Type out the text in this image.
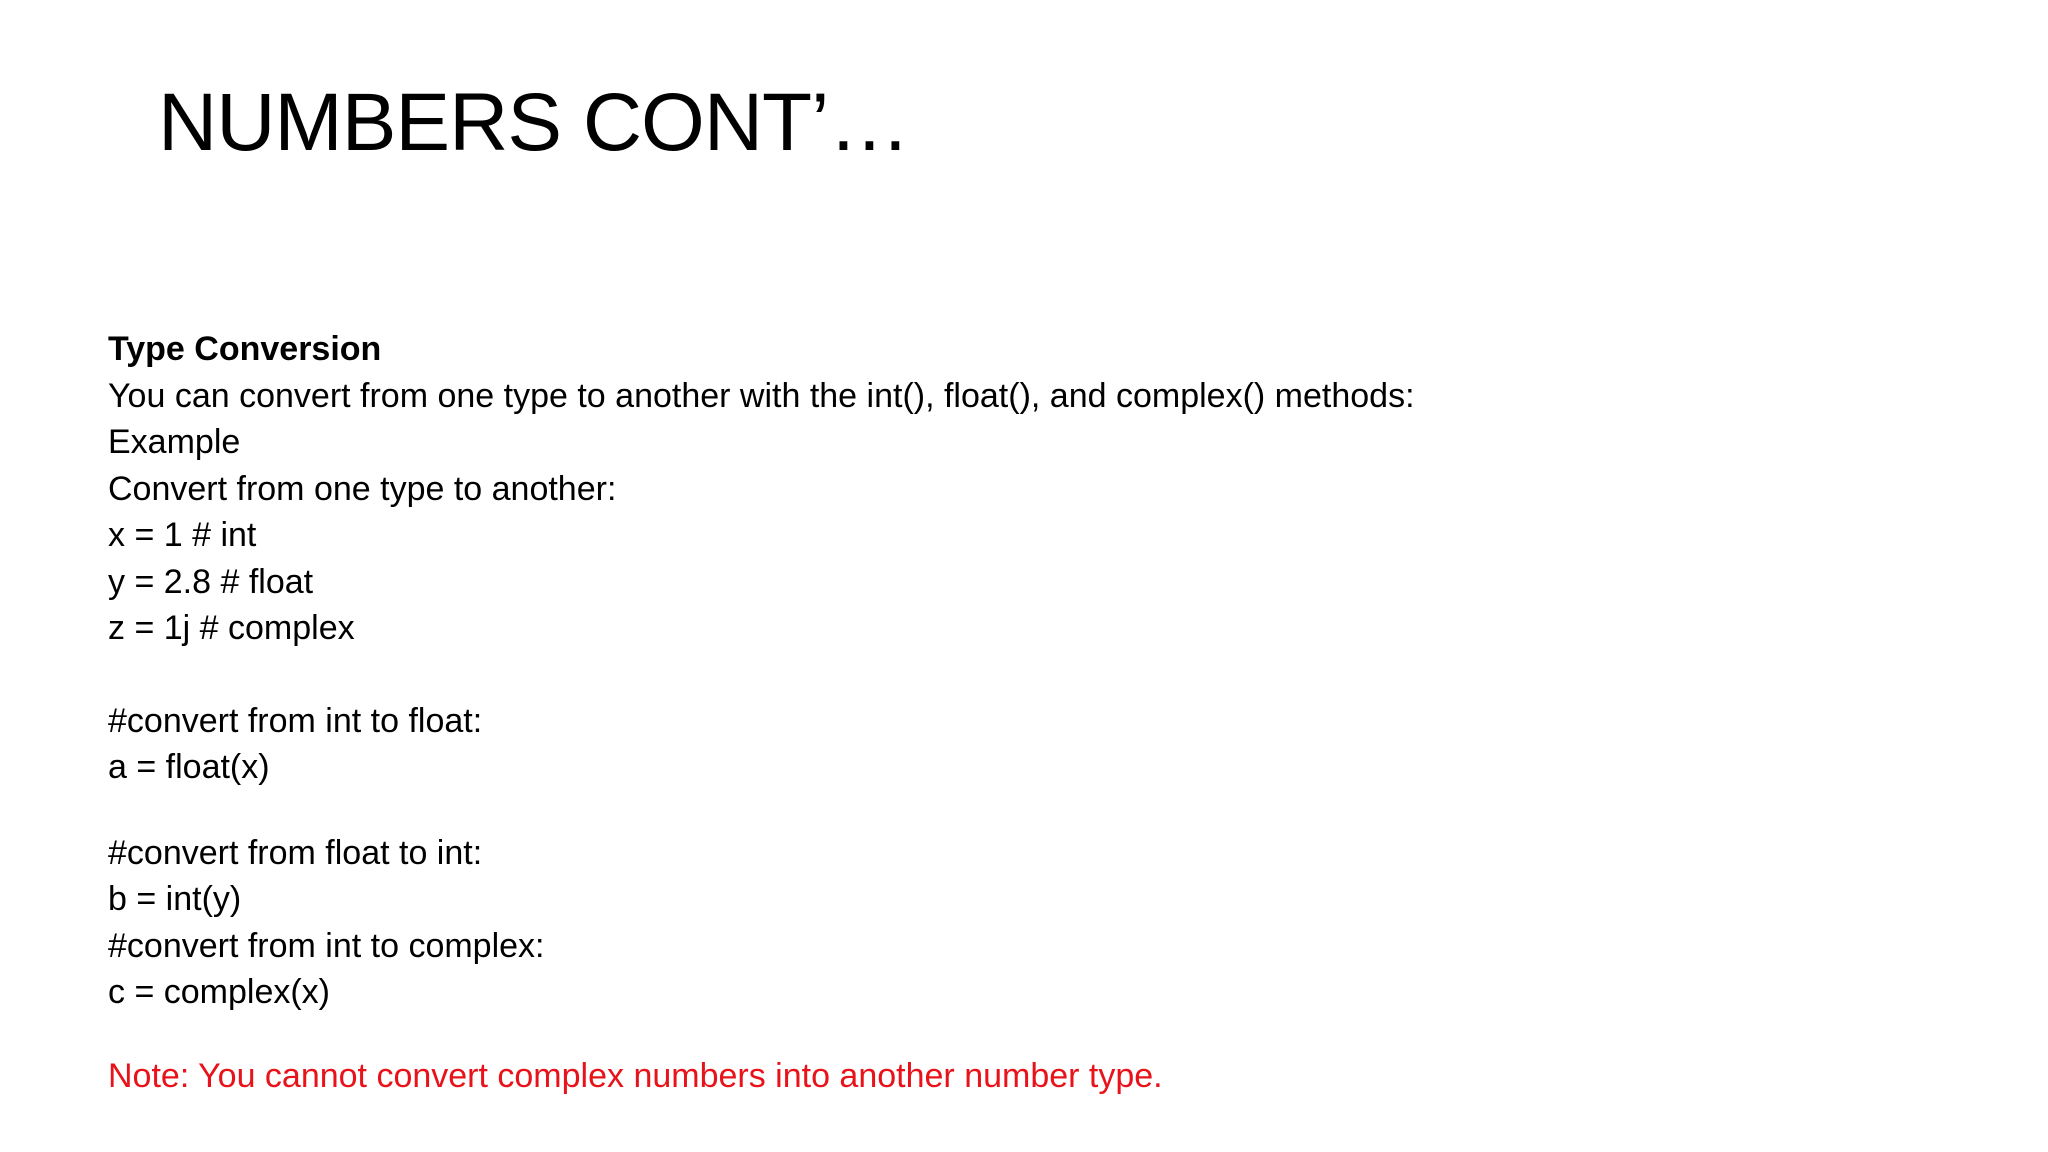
NUMBERS CONT’…
Type Conversion
You can convert from one type to another with the int(), float(), and complex() methods:
Example
Convert from one type to another:
x = 1 # int
y = 2.8 # float
z = 1j # complex
#convert from int to float:
a = float(x)
#convert from float to int:
b = int(y)
#convert from int to complex:
c = complex(x)
Note: You cannot convert complex numbers into another number type.
